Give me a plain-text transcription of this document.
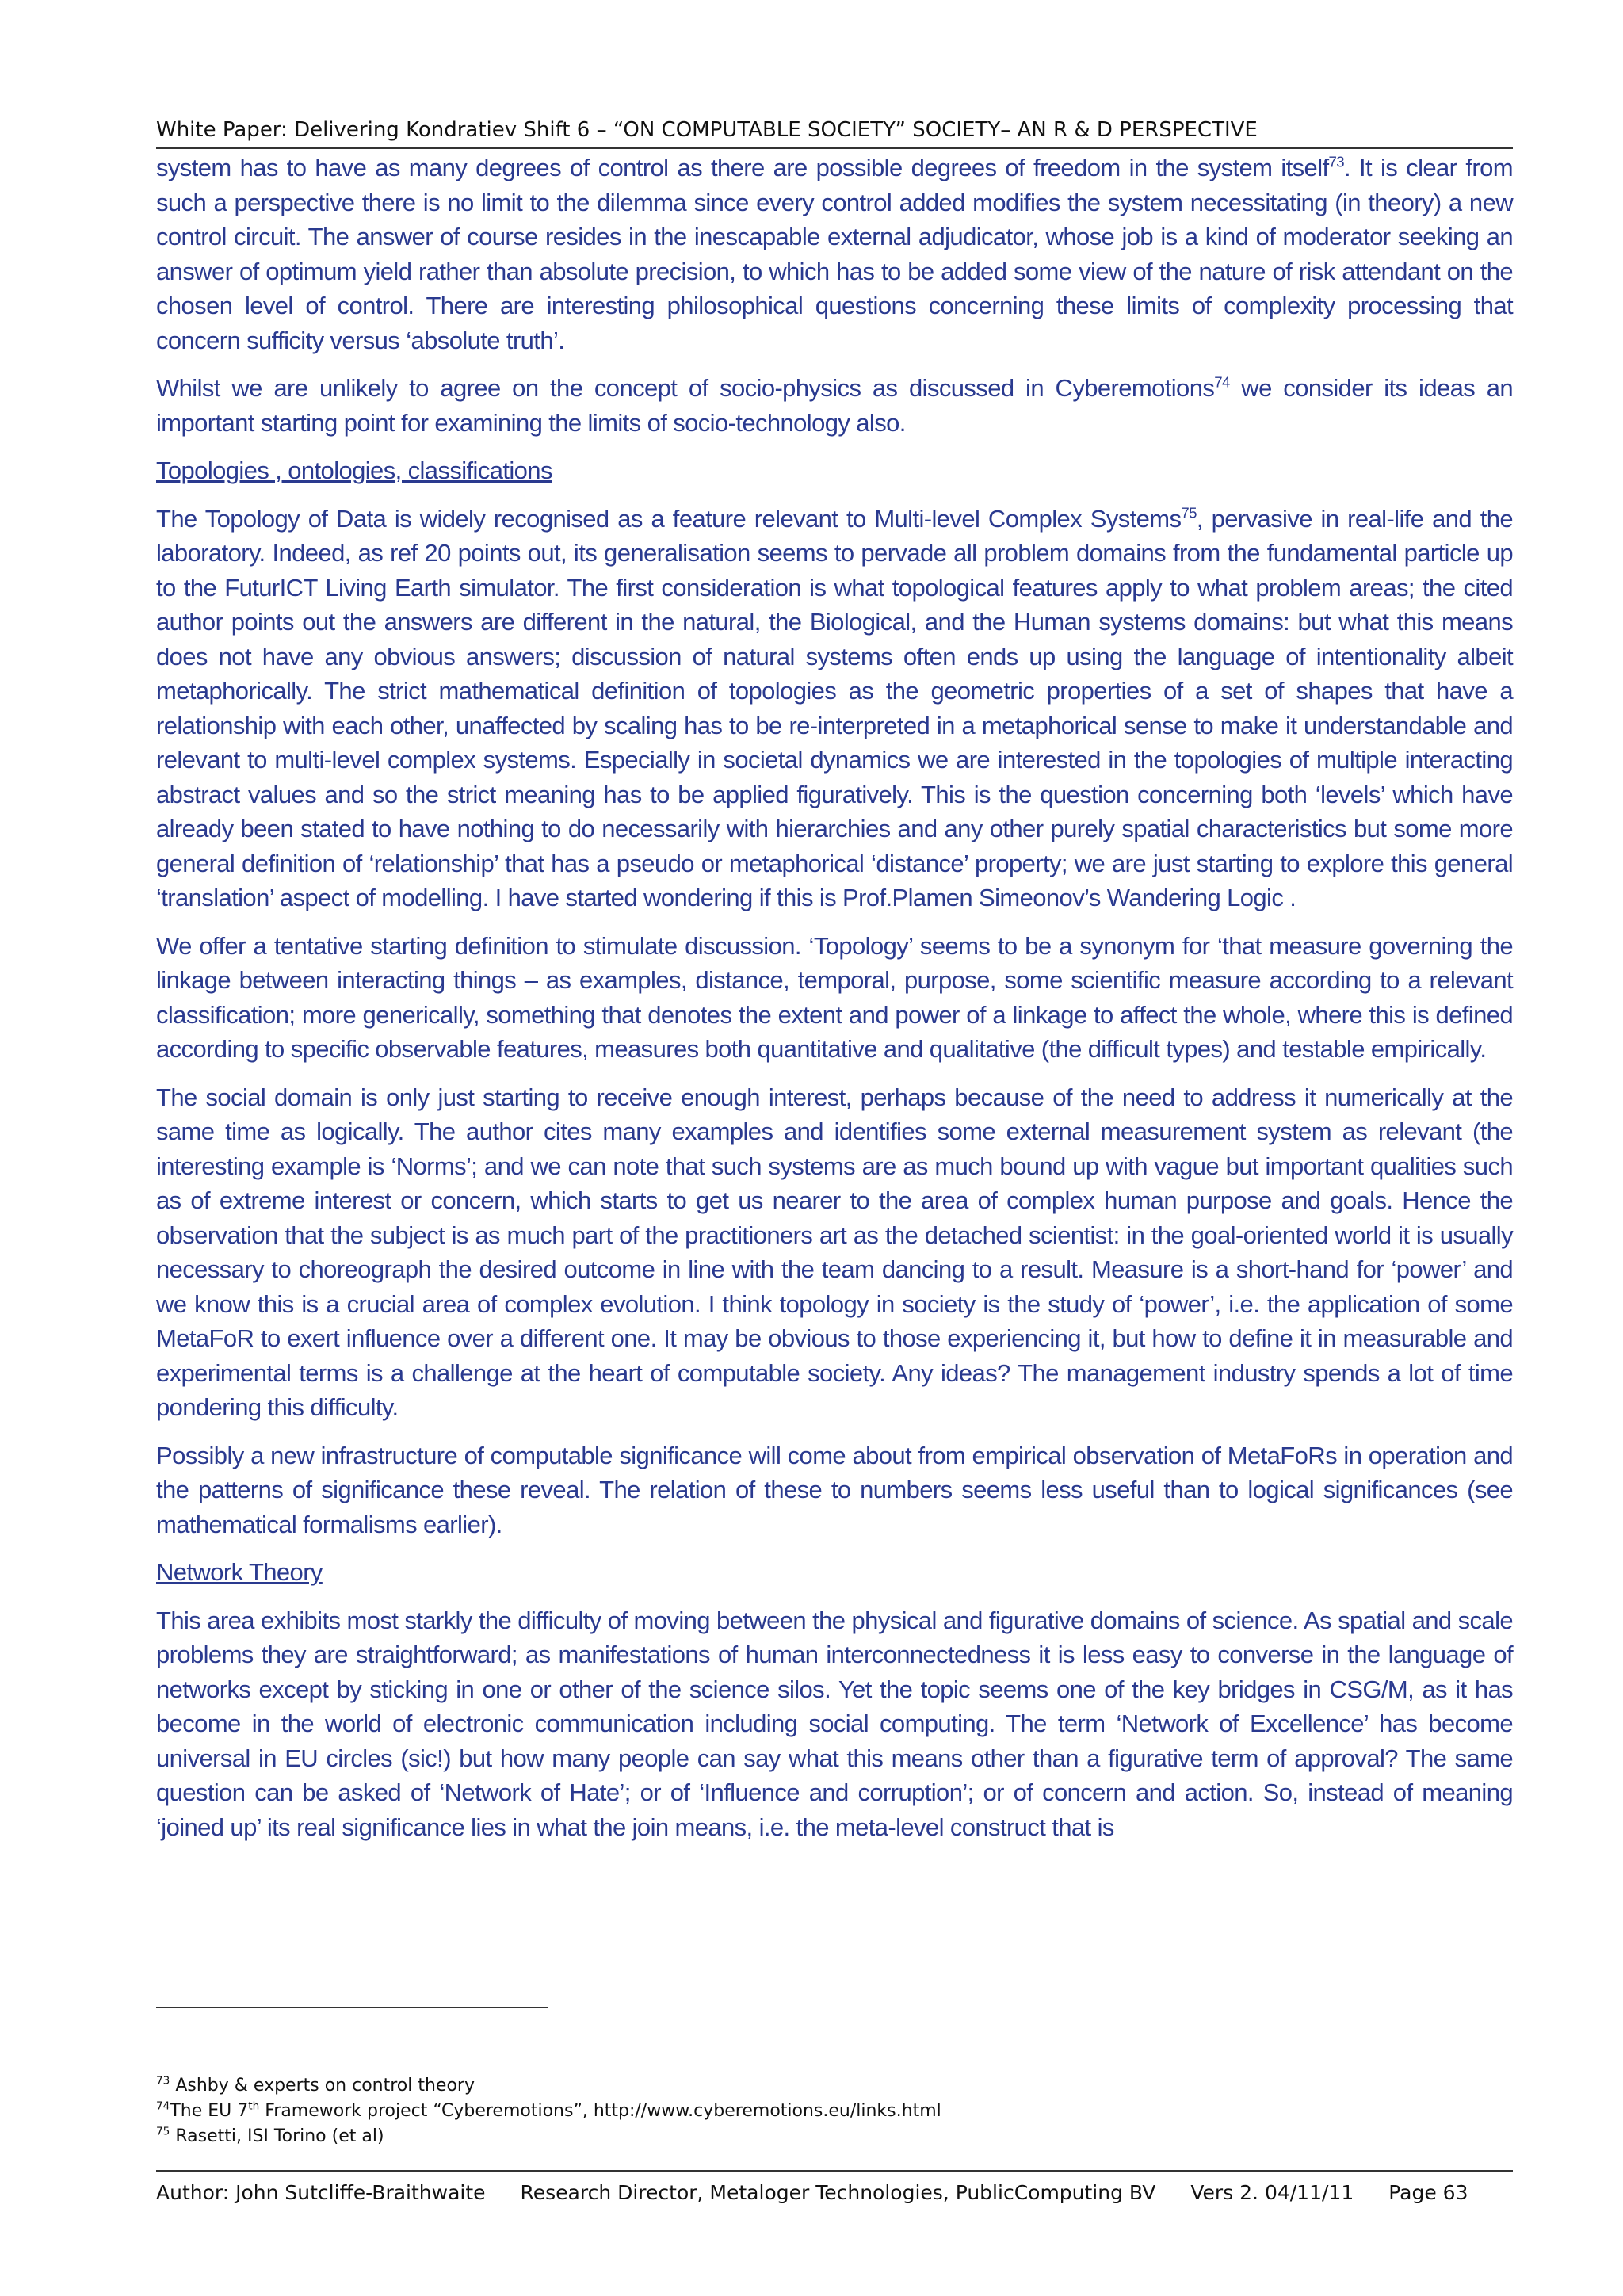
White Paper: Delivering Kondratiev Shift 6 – “ON COMPUTABLE SOCIETY” SOCIETY– AN R & D PERSPECTIVE

system has to have as many degrees of control as there are possible degrees of freedom in the system itself$^{73}$. It is clear from such a perspective there is no limit to the dilemma since every control added modifies the system necessitating (in theory) a new control circuit. The answer of course resides in the inescapable external adjudicator, whose job is a kind of moderator seeking an answer of optimum yield rather than absolute precision, to which has to be added some view of the nature of risk attendant on the chosen level of control. There are interesting philosophical questions concerning these limits of complexity processing that concern sufficity versus ‘absolute truth’.

Whilst we are unlikely to agree on the concept of socio-physics as discussed in Cyberemotions$^{74}$ we consider its ideas an important starting point for examining the limits of socio-technology also.

Topologies , ontologies, classifications

The Topology of Data is widely recognised as a feature relevant to Multi-level Complex Systems$^{75}$, pervasive in real-life and the laboratory. Indeed, as ref 20 points out, its generalisation seems to pervade all problem domains from the fundamental particle up to the FuturICT Living Earth simulator. The first consideration is what topological features apply to what problem areas; the cited author points out the answers are different in the natural, the Biological, and the Human systems domains: but what this means does not have any obvious answers; discussion of natural systems often ends up using the language of intentionality albeit metaphorically. The strict mathematical definition of topologies as the geometric properties of a set of shapes that have a relationship with each other, unaffected by scaling has to be re-interpreted in a metaphorical sense to make it understandable and relevant to multi-level complex systems. Especially in societal dynamics we are interested in the topologies of multiple interacting abstract values and so the strict meaning has to be applied figuratively. This is the question concerning both ‘levels’ which have already been stated to have nothing to do necessarily with hierarchies and any other purely spatial characteristics but some more general definition of ‘relationship’ that has a pseudo or metaphorical ‘distance’ property; we are just starting to explore this general ‘translation’ aspect of modelling. I have started wondering if this is Prof.Plamen Simeonov’s Wandering Logic .

We offer a tentative starting definition to stimulate discussion. ‘Topology’ seems to be a synonym for ‘that measure governing the linkage between interacting things – as examples, distance, temporal, purpose, some scientific measure according to a relevant classification; more generically, something that denotes the extent and power of a linkage to affect the whole, where this is defined according to specific observable features, measures both quantitative and qualitative (the difficult types) and testable empirically.

The social domain is only just starting to receive enough interest, perhaps because of the need to address it numerically at the same time as logically. The author cites many examples and identifies some external measurement system as relevant (the interesting example is ‘Norms’; and we can note that such systems are as much bound up with vague but important qualities such as of extreme interest or concern, which starts to get us nearer to the area of complex human purpose and goals. Hence the observation that the subject is as much part of the practitioners art as the detached scientist: in the goal-oriented world it is usually necessary to choreograph the desired outcome in line with the team dancing to a result. Measure is a short-hand for ‘power’ and we know this is a crucial area of complex evolution. I think topology in society is the study of ‘power’, i.e. the application of some MetaFoR to exert influence over a different one. It may be obvious to those experiencing it, but how to define it in measurable and experimental terms is a challenge at the heart of computable society. Any ideas? The management industry spends a lot of time pondering this difficulty.

Possibly a new infrastructure of computable significance will come about from empirical observation of MetaFoRs in operation and the patterns of significance these reveal. The relation of these to numbers seems less useful than to logical significances (see mathematical formalisms earlier).

Network Theory

This area exhibits most starkly the difficulty of moving between the physical and figurative domains of science. As spatial and scale problems they are straightforward; as manifestations of human interconnectedness it is less easy to converse in the language of networks except by sticking in one or other of the science silos. Yet the topic seems one of the key bridges in CSG/M, as it has become in the world of electronic communication including social computing. The term ‘Network of Excellence’ has become universal in EU circles (sic!) but how many people can say what this means other than a figurative term of approval? The same question can be asked of ‘Network of Hate’; or of ‘Influence and corruption’; or of concern and action. So, instead of meaning ‘joined up’ its real significance lies in what the join means, i.e. the meta-level construct that is

$^{73}$ Ashby & experts on control theory
$^{74}$The EU 7th Framework project “Cyberemotions”, http://www.cyberemotions.eu/links.html
$^{75}$ Rasetti, ISI Torino (et al)
Author: John Sutcliffe-Braithwaite Research Director, Metaloger Technologies, PublicComputing BV Vers 2. 04/11/11 Page 63
